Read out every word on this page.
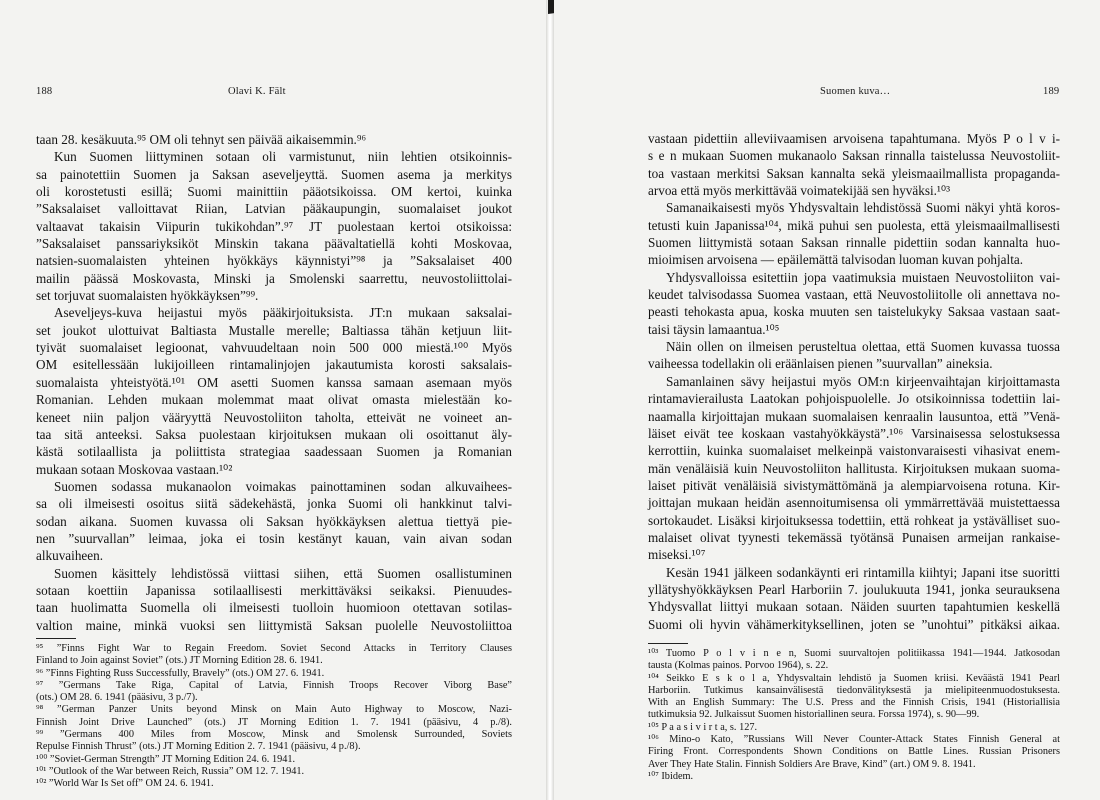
188	Olavi K. Fält
taan 28. kesäkuuta.⁹⁵ OM oli tehnyt sen päivää aikaisemmin.⁹⁶
Kun Suomen liittyminen sotaan oli varmistunut, niin lehtien otsikoinnis-
sa painotettiin Suomen ja Saksan aseveljeyttä. Suomen asema ja merkitys
oli korostetusti esillä; Suomi mainittiin pääotsikoissa. OM kertoi, kuinka
”Saksalaiset valloittavat Riian, Latvian pääkaupungin, suomalaiset joukot
valtaavat takaisin Viipurin tukikohdan”.⁹⁷ JT puolestaan kertoi otsikoissa:
”Saksalaiset panssariyksiköt Minskin takana päävaltatiellä kohti Moskovaa,
natsien-suomalaisten yhteinen hyökkäys käynnistyi”⁹⁸ ja ”Saksalaiset 400
mailin päässä Moskovasta, Minski ja Smolenski saarrettu, neuvostoliittolai-
set torjuvat suomalaisten hyökkäyksen”⁹⁹.
Aseveljeys-kuva heijastui myös pääkirjoituksista. JT:n mukaan saksalai-
set joukot ulottuivat Baltiasta Mustalle merelle; Baltiassa tähän ketjuun liit-
tyivät suomalaiset legioonat, vahvuudeltaan noin 500 000 miestä.¹⁰⁰ Myös
OM esitellessään lukijoilleen rintamalinjojen jakautumista korosti saksalais-
suomalaista yhteistyötä.¹⁰¹ OM asetti Suomen kanssa samaan asemaan myös
Romanian. Lehden mukaan molemmat maat olivat omasta mielestään ko-
keneet niin paljon vääryyttä Neuvostoliiton taholta, etteivät ne voineet an-
taa sitä anteeksi. Saksa puolestaan kirjoituksen mukaan oli osoittanut äly-
kästä sotilaallista ja poliittista strategiaa saadessaan Suomen ja Romanian
mukaan sotaan Moskovaa vastaan.¹⁰²
Suomen sodassa mukanaolon voimakas painottaminen sodan alkuvaihees-
sa oli ilmeisesti osoitus siitä sädekehästä, jonka Suomi oli hankkinut talvi-
sodan aikana. Suomen kuvassa oli Saksan hyökkäyksen alettua tiettyä pie-
nen ”suurvallan” leimaa, joka ei tosin kestänyt kauan, vain aivan sodan
alkuvaiheen.
Suomen käsittely lehdistössä viittasi siihen, että Suomen osallistuminen
sotaan koettiin Japanissa sotilaallisesti merkittäväksi seikaksi. Pienuudes-
taan huolimatta Suomella oli ilmeisesti tuolloin huomioon otettavan sotilas-
valtion maine, minkä vuoksi sen liittymistä Saksan puolelle Neuvostoliittoa
⁹⁵ ”Finns Fight War to Regain Freedom. Soviet Second Attacks in Territory Clauses
Finland to Join against Soviet” (ots.) JT Morning Edition 28. 6. 1941.
⁹⁶ ”Finns Fighting Russ Successfully, Bravely” (ots.) OM 27. 6. 1941.
⁹⁷ ”Germans Take Riga, Capital of Latvia, Finnish Troops Recover Viborg Base”
(ots.) OM 28. 6. 1941 (pääsivu, 3 p./7).
⁹⁸ ”German Panzer Units beyond Minsk on Main Auto Highway to Moscow, Nazi-
Finnish Joint Drive Launched” (ots.) JT Morning Edition 1. 7. 1941 (pääsivu, 4 p./8).
⁹⁹ ”Germans 400 Miles from Moscow, Minsk and Smolensk Surrounded, Soviets
Repulse Finnish Thrust” (ots.) JT Morning Edition 2. 7. 1941 (pääsivu, 4 p./8).
¹⁰⁰ ”Soviet-German Strength” JT Morning Edition 24. 6. 1941.
¹⁰¹ ”Outlook of the War between Reich, Russia” OM 12. 7. 1941.
¹⁰² ”World War Is Set off” OM 24. 6. 1941.
Suomen kuva…	189
vastaan pidettiin alleviivaamisen arvoisena tapahtumana. Myös P o l v i-
s e n mukaan Suomen mukanaolo Saksan rinnalla taistelussa Neuvostoliit-
toa vastaan merkitsi Saksan kannalta sekä yleismaailmallista propaganda-
arvoa että myös merkittävää voimatekijää sen hyväksi.¹⁰³
Samanaikaisesti myös Yhdysvaltain lehdistössä Suomi näkyi yhtä koros-
tetusti kuin Japanissa¹⁰⁴, mikä puhui sen puolesta, että yleismaailmallisesti
Suomen liittymistä sotaan Saksan rinnalle pidettiin sodan kannalta huo-
mioimisen arvoisena — epäilemättä talvisodan luoman kuvan pohjalta.
Yhdysvalloissa esitettiin jopa vaatimuksia muistaen Neuvostoliiton vai-
keudet talvisodassa Suomea vastaan, että Neuvostoliitolle oli annettava no-
peasti tehokasta apua, koska muuten sen taistelukyky Saksaa vastaan saat-
taisi täysin lamaantua.¹⁰⁵
Näin ollen on ilmeisen perusteltua olettaa, että Suomen kuvassa tuossa
vaiheessa todellakin oli eräänlaisen pienen ”suurvallan” aineksia.
Samanlainen sävy heijastui myös OM:n kirjeenvaihtajan kirjoittamasta
rintamavierailusta Laatokan pohjoispuolelle. Jo otsikoinnissa todettiin lai-
naamalla kirjoittajan mukaan suomalaisen kenraalin lausuntoa, että ”Venä-
läiset eivät tee koskaan vastahyökkäystä”.¹⁰⁶ Varsinaisessa selostuksessa
kerrottiin, kuinka suomalaiset melkeinpä vaistonvaraisesti vihasivat enem-
män venäläisiä kuin Neuvostoliiton hallitusta. Kirjoituksen mukaan suoma-
laiset pitivät venäläisiä sivistymättömänä ja alempiarvoisena rotuna. Kir-
joittajan mukaan heidän asennoitumisensa oli ymmärrettävää muistettaessa
sortokaudet. Lisäksi kirjoituksessa todettiin, että rohkeat ja ystävälliset suo-
malaiset olivat tyynesti tekemässä työtänsä Punaisen armeijan rankaise-
miseksi.¹⁰⁷
Kesän 1941 jälkeen sodankäynti eri rintamilla kiihtyi; Japani itse suoritti
yllätyshyökkäyksen Pearl Harboriin 7. joulukuuta 1941, jonka seurauksena
Yhdysvallat liittyi mukaan sotaan. Näiden suurten tapahtumien keskellä
Suomi oli hyvin vähämerkityksellinen, joten se ”unohtui” pitkäksi aikaa.
¹⁰³ Tuomo P o l v i n e n, Suomi suurvaltojen politiikassa 1941—1944. Jatkosodan
tausta (Kolmas painos. Porvoo 1964), s. 22.
¹⁰⁴ Seikko E s k o l a, Yhdysvaltain lehdistö ja Suomen kriisi. Keväästä 1941 Pearl
Harboriin. Tutkimus kansainvälisestä tiedonvälityksestä ja mielipiteenmuodostuksesta.
With an English Summary: The U.S. Press and the Finnish Crisis, 1941 (Historiallisia
tutkimuksia 92. Julkaissut Suomen historiallinen seura. Forssa 1974), s. 90—99.
¹⁰⁵ P a a s i v i r t a, s. 127.
¹⁰⁶ Mino-o Kato, ”Russians Will Never Counter-Attack States Finnish General at
Firing Front. Correspondents Shown Conditions on Battle Lines. Russian Prisoners
Aver They Hate Stalin. Finnish Soldiers Are Brave, Kind” (art.) OM 9. 8. 1941.
¹⁰⁷ Ibidem.
